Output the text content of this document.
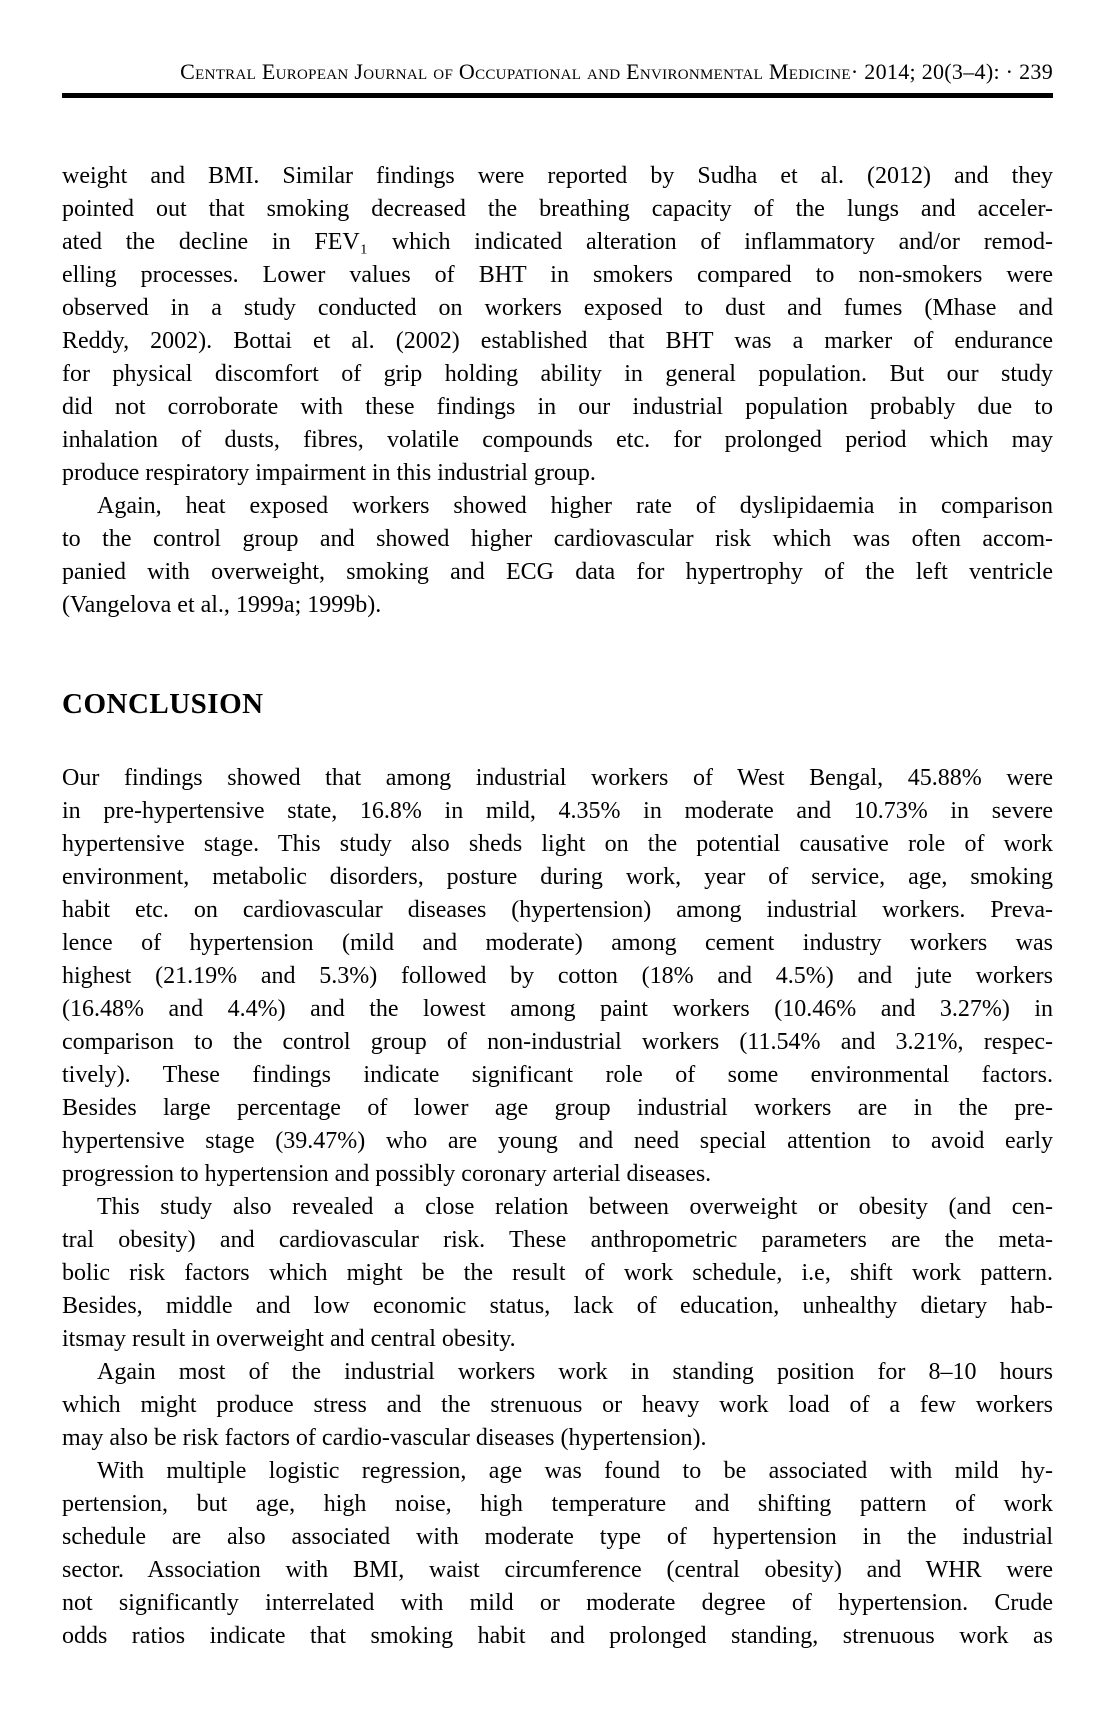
Central European Journal of Occupational and Environmental Medicine· 2014; 20(3–4): · 239
weight and BMI. Similar findings were reported by Sudha et al. (2012) and they
pointed out that smoking decreased the breathing capacity of the lungs and acceler-
ated the decline in FEV₁ which indicated alteration of inflammatory and/or remod-
elling processes. Lower values of BHT in smokers compared to non-smokers were
observed in a study conducted on workers exposed to dust and fumes (Mhase and
Reddy, 2002). Bottai et al. (2002) established that BHT was a marker of endurance
for physical discomfort of grip holding ability in general population. But our study
did not corroborate with these findings in our industrial population probably due to
inhalation of dusts, fibres, volatile compounds etc. for prolonged period which may
produce respiratory impairment in this industrial group.
Again, heat exposed workers showed higher rate of dyslipidaemia in comparison
to the control group and showed higher cardiovascular risk which was often accom-
panied with overweight, smoking and ECG data for hypertrophy of the left ventricle
(Vangelova et al., 1999a; 1999b).
CONCLUSION
Our findings showed that among industrial workers of West Bengal, 45.88% were
in pre-hypertensive state, 16.8% in mild, 4.35% in moderate and 10.73% in severe
hypertensive stage. This study also sheds light on the potential causative role of work
environment, metabolic disorders, posture during work, year of service, age, smoking
habit etc. on cardiovascular diseases (hypertension) among industrial workers. Preva-
lence of hypertension (mild and moderate) among cement industry workers was
highest (21.19% and 5.3%) followed by cotton (18% and 4.5%) and jute workers
(16.48% and 4.4%) and the lowest among paint workers (10.46% and 3.27%) in
comparison to the control group of non-industrial workers (11.54% and 3.21%, respec-
tively). These findings indicate significant role of some environmental factors.
Besides large percentage of lower age group industrial workers are in the pre-
hypertensive stage (39.47%) who are young and need special attention to avoid early
progression to hypertension and possibly coronary arterial diseases.
This study also revealed a close relation between overweight or obesity (and cen-
tral obesity) and cardiovascular risk. These anthropometric parameters are the meta-
bolic risk factors which might be the result of work schedule, i.e, shift work pattern.
Besides, middle and low economic status, lack of education, unhealthy dietary hab-
itsmay result in overweight and central obesity.
Again most of the industrial workers work in standing position for 8–10 hours
which might produce stress and the strenuous or heavy work load of a few workers
may also be risk factors of cardio-vascular diseases (hypertension).
With multiple logistic regression, age was found to be associated with mild hy-
pertension, but age, high noise, high temperature and shifting pattern of work
schedule are also associated with moderate type of hypertension in the industrial
sector. Association with BMI, waist circumference (central obesity) and WHR were
not significantly interrelated with mild or moderate degree of hypertension. Crude
odds ratios indicate that smoking habit and prolonged standing, strenuous work as
